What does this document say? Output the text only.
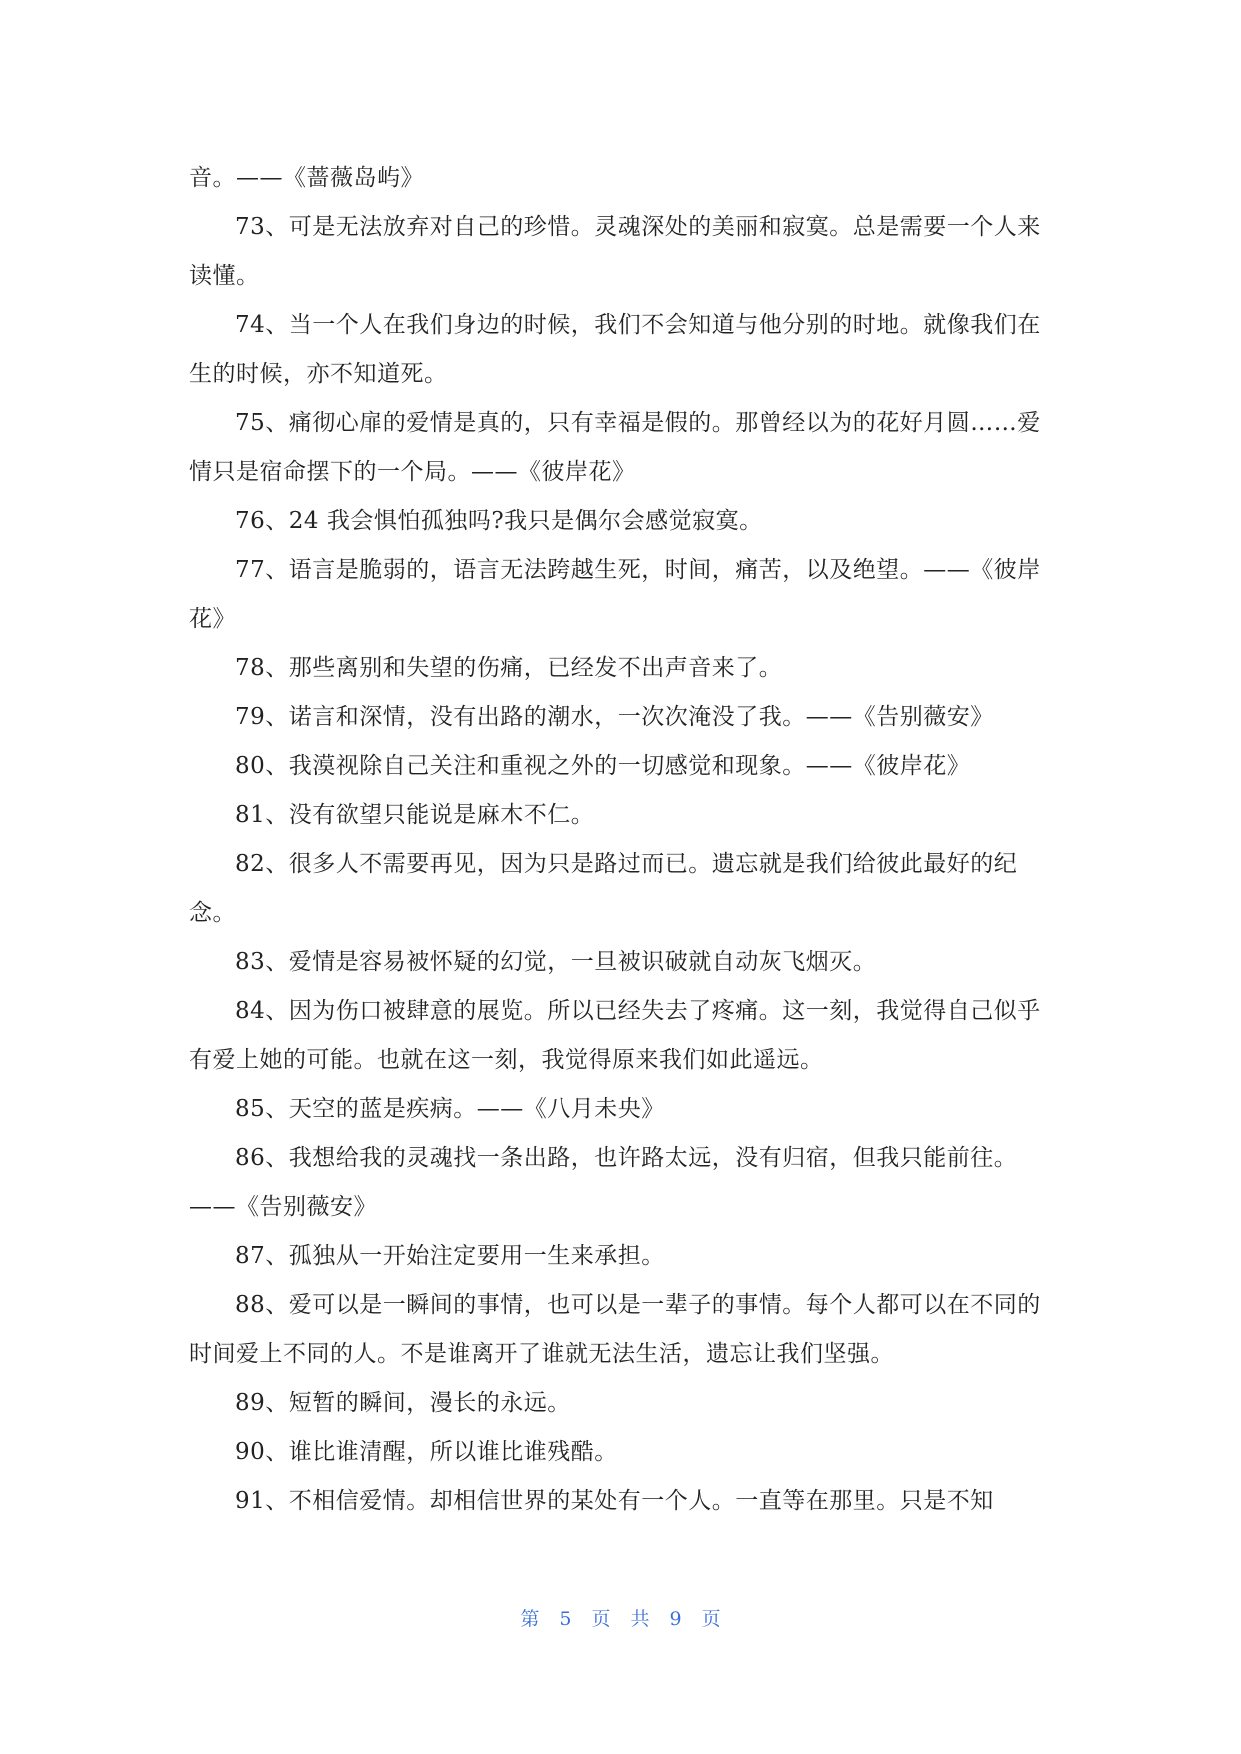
音。——《蔷薇岛屿》

73、可是无法放弃对自己的珍惜。灵魂深处的美丽和寂寞。总是需要一个人来读懂。

74、当一个人在我们身边的时候，我们不会知道与他分别的时地。就像我们在生的时候，亦不知道死。

75、痛彻心扉的爱情是真的，只有幸福是假的。那曾经以为的花好月圆……爱情只是宿命摆下的一个局。——《彼岸花》

76、24 我会惧怕孤独吗?我只是偶尔会感觉寂寞。

77、语言是脆弱的，语言无法跨越生死，时间，痛苦，以及绝望。——《彼岸花》

78、那些离别和失望的伤痛，已经发不出声音来了。

79、诺言和深情，没有出路的潮水，一次次淹没了我。——《告别薇安》

80、我漠视除自己关注和重视之外的一切感觉和现象。——《彼岸花》

81、没有欲望只能说是麻木不仁。

82、很多人不需要再见，因为只是路过而已。遗忘就是我们给彼此最好的纪念。

83、爱情是容易被怀疑的幻觉，一旦被识破就自动灰飞烟灭。

84、因为伤口被肆意的展览。所以已经失去了疼痛。这一刻，我觉得自己似乎有爱上她的可能。也就在这一刻，我觉得原来我们如此遥远。

85、天空的蓝是疾病。——《八月未央》

86、我想给我的灵魂找一条出路，也许路太远，没有归宿，但我只能前往。——《告别薇安》

87、孤独从一开始注定要用一生来承担。

88、爱可以是一瞬间的事情，也可以是一辈子的事情。每个人都可以在不同的时间爱上不同的人。不是谁离开了谁就无法生活，遗忘让我们坚强。

89、短暂的瞬间，漫长的永远。

90、谁比谁清醒，所以谁比谁残酷。

91、不相信爱情。却相信世界的某处有一个人。一直等在那里。只是不知

第 5 页 共 9 页
